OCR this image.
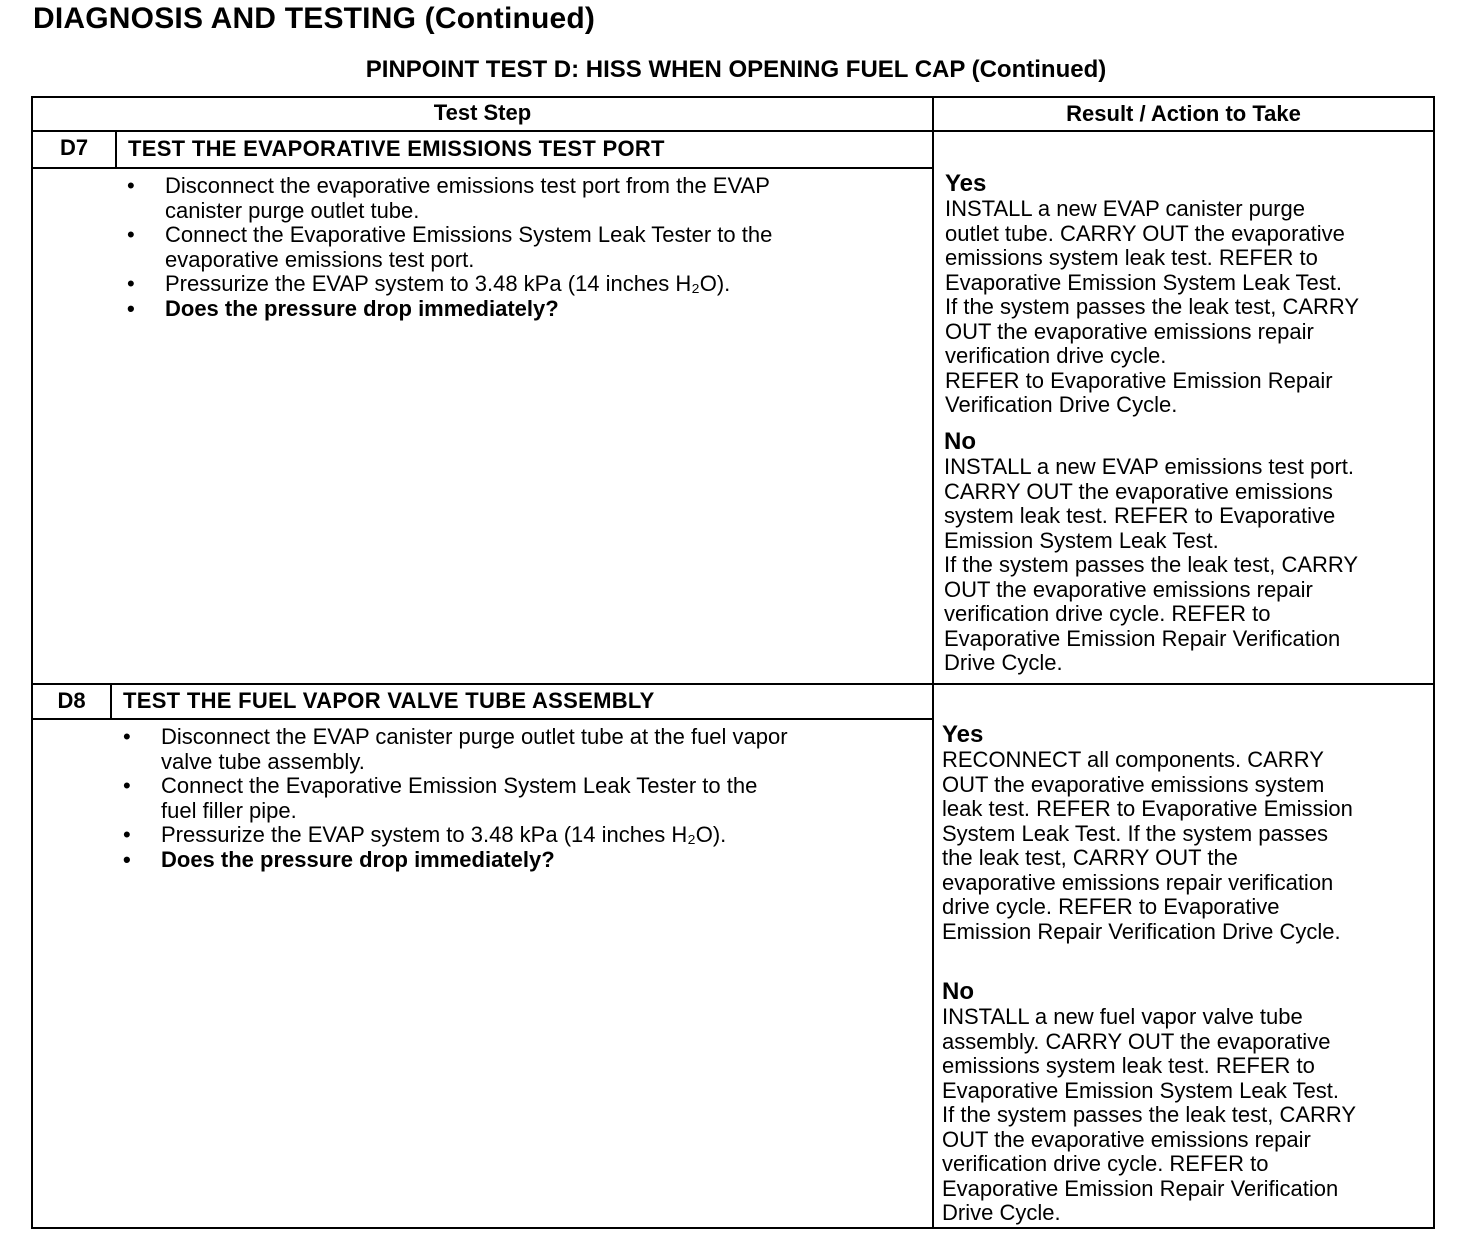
DIAGNOSIS AND TESTING (Continued)
PINPOINT TEST D: HISS WHEN OPENING FUEL CAP (Continued)
Test Step	Result / Action to Take
D7	TEST THE EVAPORATIVE EMISSIONS TEST PORT
• Disconnect the evaporative emissions test port from the EVAP
canister purge outlet tube.
• Connect the Evaporative Emissions System Leak Tester to the
evaporative emissions test port.
• Pressurize the EVAP system to 3.48 kPa (14 inches H₂O).
• Does the pressure drop immediately?
Yes
INSTALL a new EVAP canister purge
outlet tube. CARRY OUT the evaporative
emissions system leak test. REFER to
Evaporative Emission System Leak Test.
If the system passes the leak test, CARRY
OUT the evaporative emissions repair
verification drive cycle.
REFER to Evaporative Emission Repair
Verification Drive Cycle.
No
INSTALL a new EVAP emissions test port.
CARRY OUT the evaporative emissions
system leak test. REFER to Evaporative
Emission System Leak Test.
If the system passes the leak test, CARRY
OUT the evaporative emissions repair
verification drive cycle. REFER to
Evaporative Emission Repair Verification
Drive Cycle.
D8	TEST THE FUEL VAPOR VALVE TUBE ASSEMBLY
• Disconnect the EVAP canister purge outlet tube at the fuel vapor
valve tube assembly.
• Connect the Evaporative Emission System Leak Tester to the
fuel filler pipe.
• Pressurize the EVAP system to 3.48 kPa (14 inches H₂O).
• Does the pressure drop immediately?
Yes
RECONNECT all components. CARRY
OUT the evaporative emissions system
leak test. REFER to Evaporative Emission
System Leak Test. If the system passes
the leak test, CARRY OUT the
evaporative emissions repair verification
drive cycle. REFER to Evaporative
Emission Repair Verification Drive Cycle.
No
INSTALL a new fuel vapor valve tube
assembly. CARRY OUT the evaporative
emissions system leak test. REFER to
Evaporative Emission System Leak Test.
If the system passes the leak test, CARRY
OUT the evaporative emissions repair
verification drive cycle. REFER to
Evaporative Emission Repair Verification
Drive Cycle.
